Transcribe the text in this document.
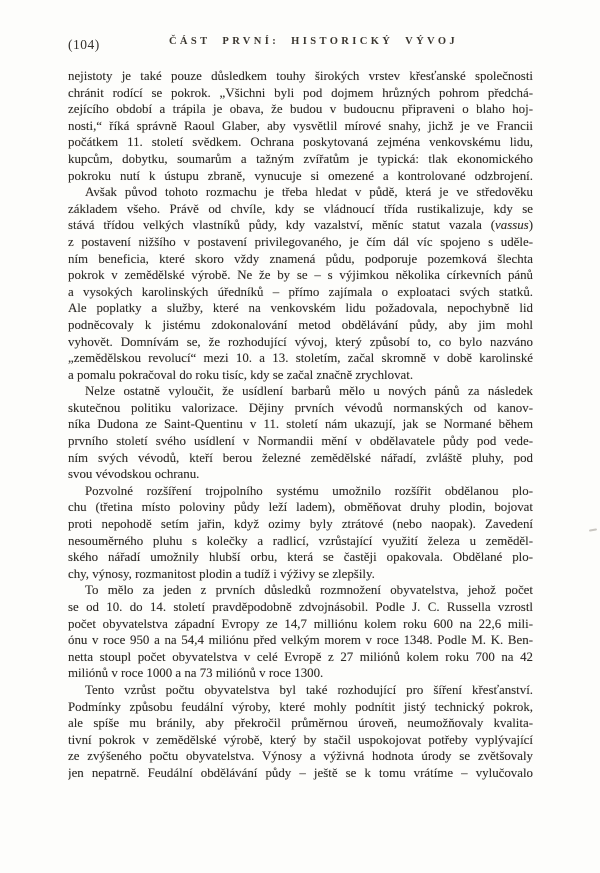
(104)	ČÁST PRVNÍ: HISTORICKÝ VÝVOJ
nejistoty je také pouze důsledkem touhy širokých vrstev křesťanské společnosti
chránit rodící se pokrok. „Všichni byli pod dojmem hrůzných pohrom předchá-
zejícího období a trápila je obava, že budou v budoucnu připraveni o blaho hoj-
nosti,“ říká správně Raoul Glaber, aby vysvětlil mírové snahy, jichž je ve Francii
počátkem 11. století svědkem. Ochrana poskytovaná zejména venkovskému lidu,
kupcům, dobytku, soumarům a tažným zvířatům je typická: tlak ekonomického
pokroku nutí k ústupu zbraně, vynucuje si omezené a kontrolované odzbrojení.
Avšak původ tohoto rozmachu je třeba hledat v půdě, která je ve středověku
základem všeho. Právě od chvíle, kdy se vládnoucí třída rustikalizuje, kdy se
stává třídou velkých vlastníků půdy, kdy vazalství, měníc statut vazala (vassus)
z postavení nižšího v postavení privilegovaného, je čím dál víc spojeno s uděle-
ním beneficia, které skoro vždy znamená půdu, podporuje pozemková šlechta
pokrok v zemědělské výrobě. Ne že by se – s výjimkou několika církevních pánů
a vysokých karolinských úředníků – přímo zajímala o exploataci svých statků.
Ale poplatky a služby, které na venkovském lidu požadovala, nepochybně lid
podněcovaly k jistému zdokonalování metod obdělávání půdy, aby jim mohl
vyhovět. Domnívám se, že rozhodující vývoj, který způsobí to, co bylo nazváno
„zemědělskou revolucí“ mezi 10. a 13. stoletím, začal skromně v době karolinské
a pomalu pokračoval do roku tisíc, kdy se začal značně zrychlovat.
Nelze ostatně vyloučit, že usídlení barbarů mělo u nových pánů za následek
skutečnou politiku valorizace. Dějiny prvních vévodů normanských od kanov-
níka Dudona ze Saint-Quentinu v 11. století nám ukazují, jak se Normané během
prvního století svého usídlení v Normandii mění v obdělavatele půdy pod vede-
ním svých vévodů, kteří berou železné zemědělské nářadí, zvláště pluhy, pod
svou vévodskou ochranu.
Pozvolné rozšíření trojpolního systému umožnilo rozšířit obdělanou plo-
chu (třetina místo poloviny půdy leží ladem), obměňovat druhy plodin, bojovat
proti nepohodě setím jařin, když ozimy byly ztrátové (nebo naopak). Zavedení
nesouměrného pluhu s kolečky a radlicí, vzrůstající využití železa u zeměděl-
ského nářadí umožnily hlubší orbu, která se častěji opakovala. Obdělané plo-
chy, výnosy, rozmanitost plodin a tudíž i výživy se zlepšily.
To mělo za jeden z prvních důsledků rozmnožení obyvatelstva, jehož počet
se od 10. do 14. století pravděpodobně zdvojnásobil. Podle J. C. Russella vzrostl
počet obyvatelstva západní Evropy ze 14,7 milliónu kolem roku 600 na 22,6 mili-
ónu v roce 950 a na 54,4 miliónu před velkým morem v roce 1348. Podle M. K. Ben-
netta stoupl počet obyvatelstva v celé Evropě z 27 miliónů kolem roku 700 na 42
miliónů v roce 1000 a na 73 miliónů v roce 1300.
Tento vzrůst počtu obyvatelstva byl také rozhodující pro šíření křesťanství.
Podmínky způsobu feudální výroby, které mohly podnítit jistý technický pokrok,
ale spíše mu bránily, aby překročil průměrnou úroveň, neumožňovaly kvalita-
tivní pokrok v zemědělské výrobě, který by stačil uspokojovat potřeby vyplývající
ze zvýšeného počtu obyvatelstva. Výnosy a výživná hodnota úrody se zvětšovaly
jen nepatrně. Feudální obdělávání půdy – ještě se k tomu vrátíme – vylučovalo
